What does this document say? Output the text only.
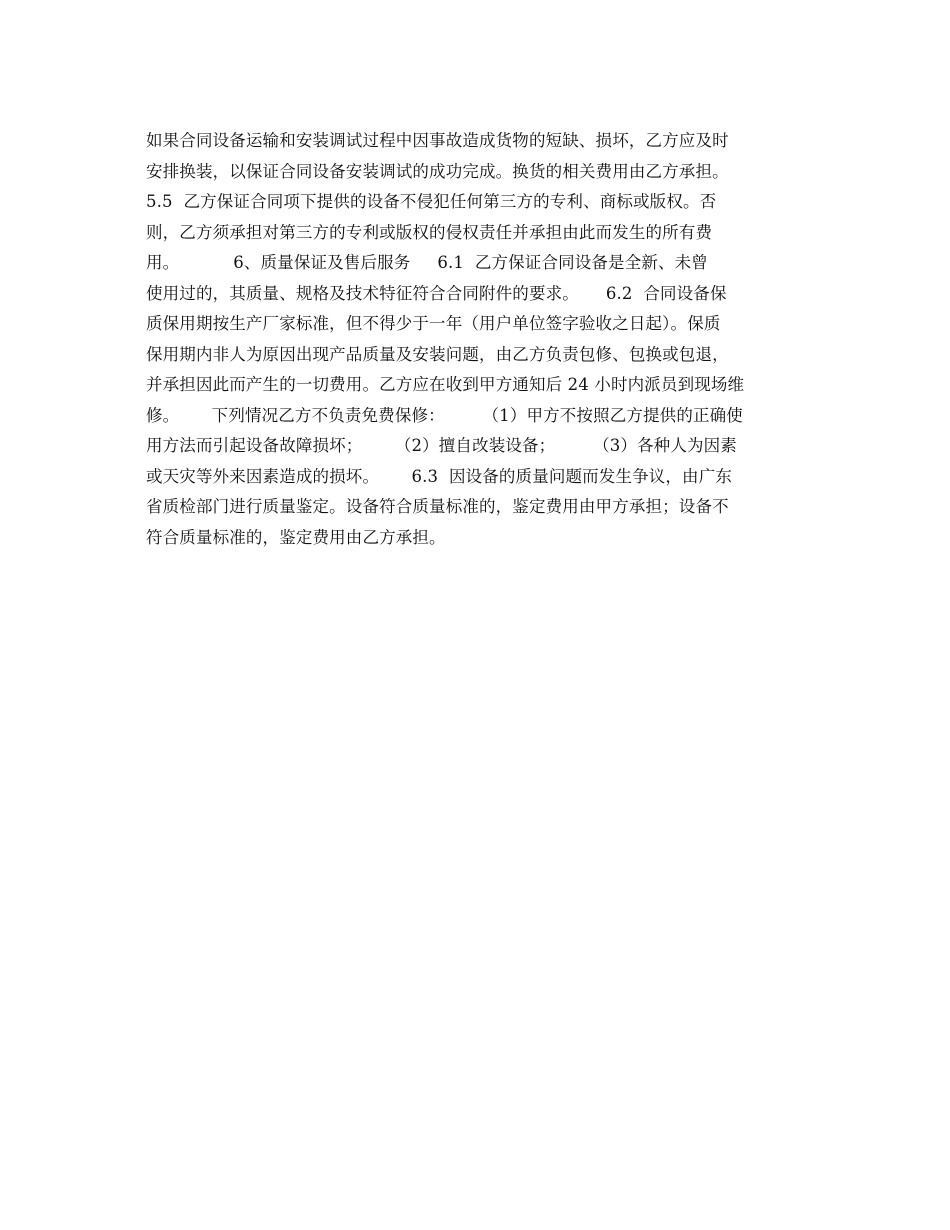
如果合同设备运输和安装调试过程中因事故造成货物的短缺、损坏，乙方应及时
安排换装，以保证合同设备安装调试的成功完成。换货的相关费用由乙方承担。
5.5  乙方保证合同项下提供的设备不侵犯任何第三方的专利、商标或版权。否
则，乙方须承担对第三方的专利或版权的侵权责任并承担由此而发生的所有费
用。          6、质量保证及售后服务     6.1  乙方保证合同设备是全新、未曾
使用过的，其质量、规格及技术特征符合合同附件的要求。     6.2  合同设备保
质保用期按生产厂家标准，但不得少于一年（用户单位签字验收之日起）。保质
保用期内非人为原因出现产品质量及安装问题，由乙方负责包修、包换或包退，
并承担因此而产生的一切费用。乙方应在收到甲方通知后 24 小时内派员到现场维
修。      下列情况乙方不负责免费保修：       （1）甲方不按照乙方提供的正确使
用方法而引起设备故障损坏；      （2）擅自改装设备；       （3）各种人为因素
或天灾等外来因素造成的损坏。      6.3  因设备的质量问题而发生争议，由广东
省质检部门进行质量鉴定。设备符合质量标准的，鉴定费用由甲方承担；设备不
符合质量标准的，鉴定费用由乙方承担。
